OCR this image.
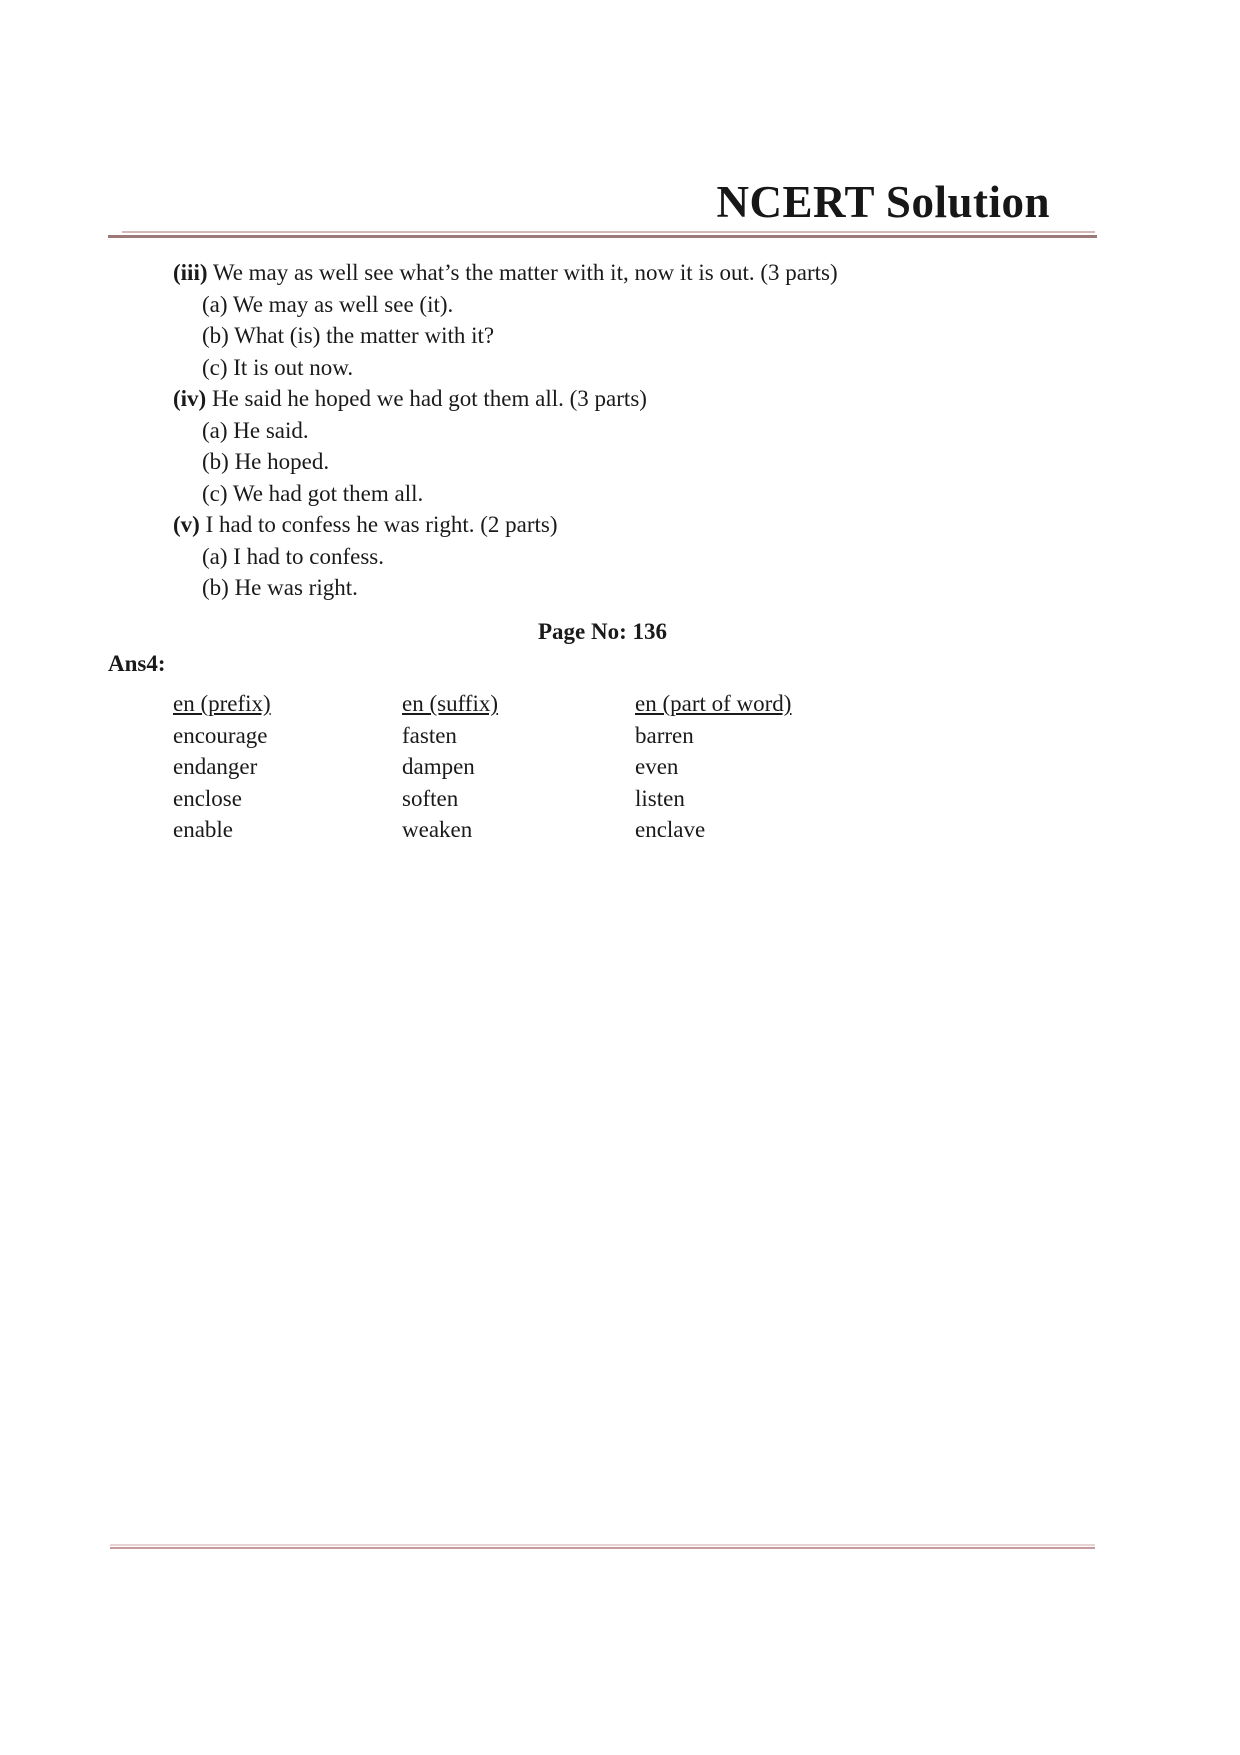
NCERT Solution
(iii) We may as well see what’s the matter with it, now it is out. (3 parts)
(a) We may as well see (it).
(b) What (is) the matter with it?
(c) It is out now.
(iv) He said he hoped we had got them all. (3 parts)
(a) He said.
(b) He hoped.
(c) We had got them all.
(v) I had to confess he was right. (2 parts)
(a) I had to confess.
(b) He was right.
Page No: 136
Ans4:
en (prefix)
encourage
endanger
enclose
enable
en (suffix)
fasten
dampen
soften
weaken
en (part of word)
barren
even
listen
enclave
